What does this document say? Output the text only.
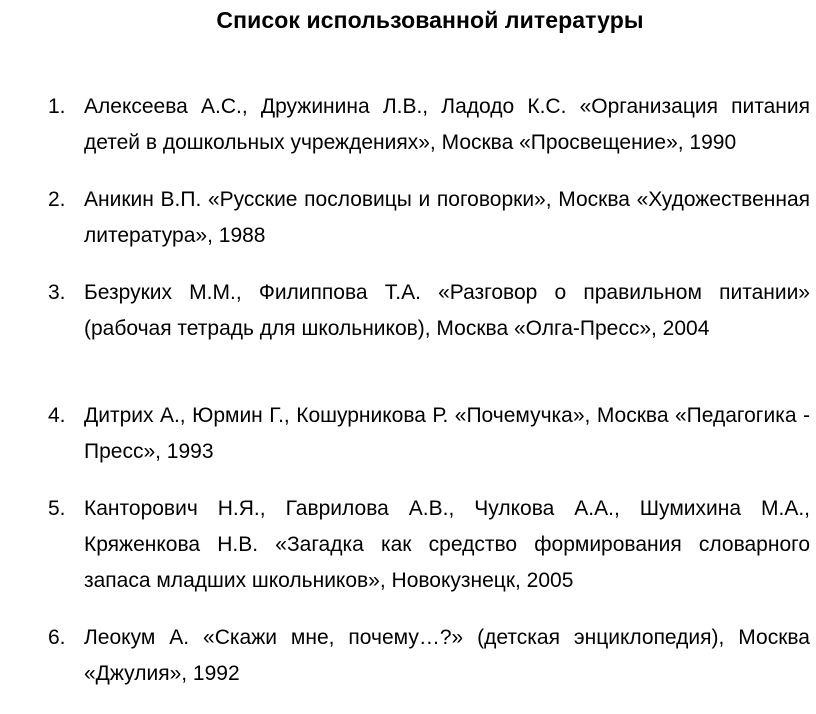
Список использованной литературы
1. Алексеева А.С., Дружинина Л.В., Ладодо К.С. «Организация питания детей в дошкольных учреждениях», Москва «Просвещение», 1990
2. Аникин В.П. «Русские пословицы и поговорки», Москва «Художественная литература», 1988
3. Безруких М.М., Филиппова Т.А. «Разговор о правильном питании» (рабочая тетрадь для школьников), Москва «Олга-Пресс», 2004
4. Дитрих А., Юрмин Г., Кошурникова Р. «Почемучка», Москва «Педагогика - Пресс», 1993
5. Канторович Н.Я., Гаврилова А.В., Чулкова А.А., Шумихина М.А., Кряженкова Н.В. «Загадка как средство формирования словарного запаса младших школьников», Новокузнецк, 2005
6. Леокум А. «Скажи мне, почему…?» (детская энциклопедия), Москва «Джулия», 1992
